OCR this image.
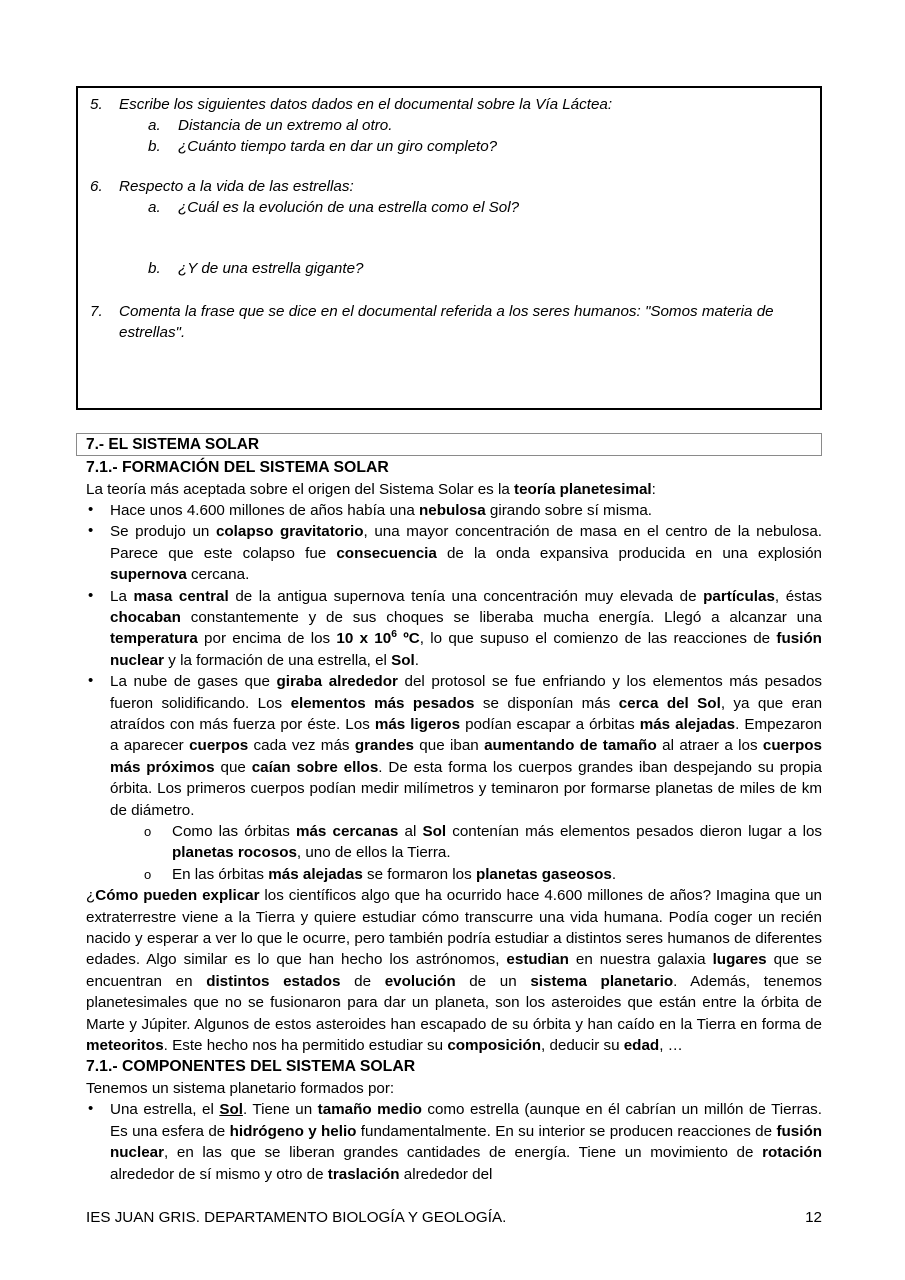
5. Escribe los siguientes datos dados en el documental sobre la Vía Láctea:
a. Distancia de un extremo al otro.
b. ¿Cuánto tiempo tarda en dar un giro completo?
6. Respecto a la vida de las estrellas:
a. ¿Cuál es la evolución de una estrella como el Sol?
b. ¿Y de una estrella gigante?
7. Comenta la frase que se dice en el documental referida a los seres humanos: "Somos materia de estrellas".
7.- EL SISTEMA SOLAR
7.1.- FORMACIÓN DEL SISTEMA SOLAR

La teoría más aceptada sobre el origen del Sistema Solar es la teoría planetesimal:

• Hace unos 4.600 millones de años había una nebulosa girando sobre sí misma.
• Se produjo un colapso gravitatorio, una mayor concentración de masa en el centro de la nebulosa. Parece que este colapso fue consecuencia de la onda expansiva producida en una explosión supernova cercana.
• La masa central de la antigua supernova tenía una concentración muy elevada de partículas, éstas chocaban constantemente y de sus choques se liberaba mucha energía. Llegó a alcanzar una temperatura por encima de los 10 x $10^6$ ºC, lo que supuso el comienzo de las reacciones de fusión nuclear y la formación de una estrella, el Sol.
• La nube de gases que giraba alrededor del protosol se fue enfriando y los elementos más pesados fueron solidificando. Los elementos más pesados se disponían más cerca del Sol, ya que eran atraídos con más fuerza por éste. Los más ligeros podían escapar a órbitas más alejadas. Empezaron a aparecer cuerpos cada vez más grandes que iban aumentando de tamaño al atraer a los cuerpos más próximos que caían sobre ellos. De esta forma los cuerpos grandes iban despejando su propia órbita. Los primeros cuerpos podían medir milímetros y teminaron por formarse planetas de miles de km de diámetro.
o Como las órbitas más cercanas al Sol contenían más elementos pesados dieron lugar a los planetas rocosos, uno de ellos la Tierra.
o En las órbitas más alejadas se formaron los planetas gaseosos.

¿Cómo pueden explicar los científicos algo que ha ocurrido hace 4.600 millones de años? Imagina que un extraterrestre viene a la Tierra y quiere estudiar cómo transcurre una vida humana. Podía coger un recién nacido y esperar a ver lo que le ocurre, pero también podría estudiar a distintos seres humanos de diferentes edades. Algo similar es lo que han hecho los astrónomos, estudian en nuestra galaxia lugares que se encuentran en distintos estados de evolución de un sistema planetario. Además, tenemos planetesimales que no se fusionaron para dar un planeta, son los asteroides que están entre la órbita de Marte y Júpiter. Algunos de estos asteroides han escapado de su órbita y han caído en la Tierra en forma de meteoritos. Este hecho nos ha permitido estudiar su composición, deducir su edad, …

7.1.- COMPONENTES DEL SISTEMA SOLAR

Tenemos un sistema planetario formados por:

• Una estrella, el Sol. Tiene un tamaño medio como estrella (aunque en él cabrían un millón de Tierras. Es una esfera de hidrógeno y helio fundamentalmente. En su interior se producen reacciones de fusión nuclear, en las que se liberan grandes cantidades de energía. Tiene un movimiento de rotación alrededor de sí mismo y otro de traslación alrededor del
IES JUAN GRIS. DEPARTAMENTO BIOLOGÍA Y GEOLOGÍA.	12
